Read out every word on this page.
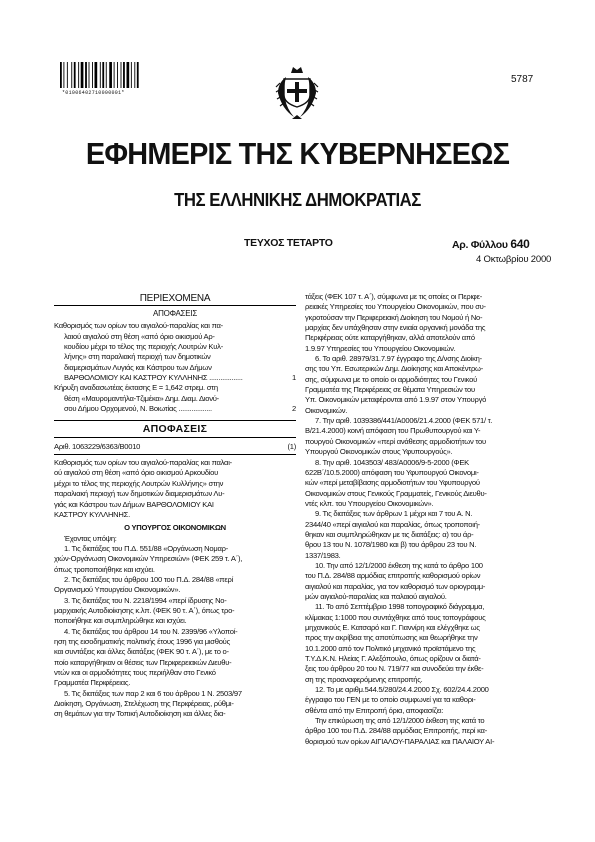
*01006402710000001*
5787
ΕΦΗΜΕΡΙΣ ΤΗΣ ΚΥΒΕΡΝΗΣΕΩΣ
ΤΗΣ ΕΛΛΗΝΙΚΗΣ ΔΗΜΟΚΡΑΤΙΑΣ
ΤΕΥΧΟΣ ΤΕΤΑΡΤΟ	Αρ. Φύλλου 640
4 Οκτωβρίου 2000
ΠΕΡΙΕΧΟΜΕΝΑ
ΑΠΟΦΑΣΕΙΣ
Καθορισμός των ορίων του αιγιαλού-παραλίας και πα-
λαιού αιγιαλού στη θέση «από όριο οικισμού Αρ-
κουδίου μέχρι το τέλος της περιοχής Λουτρών Κυλ-
λήνης» στη παραλιακή περιοχή των δημοτικών
διαμερισμάτων Λυγιάς και Κάστρου των Δήμων
ΒΑΡΘΟΛΟΜΙΟΥ ΚΑΙ ΚΑΣΤΡΟΥ ΚΥΛΛΗΝΗΣ ..................	1
Κήρυξη αναδασωτέας έκτασης Ε = 1,642 στρεμ. στη
θέση «Μαυρομαντήλα-Τζιμέκα» Δημ. Διαμ. Διονύ-
σου Δήμου Ορχομενού, Ν. Βοιωτίας ..................	2
ΑΠΟΦΑΣΕΙΣ
Αριθ. 1063229/6363/Β0010	(1)
Καθορισμός των ορίων του αιγιαλού-παραλίας και παλαι-
ού αιγιαλού στη θέση «από όριο οικισμού Αρκουδίου
μέχρι το τέλος της περιοχής Λουτρών Κυλλήνης» στην
παραλιακή περιοχή των δημοτικών διαμερισμάτων Λυ-
γιάς και Κάστρου των Δήμων ΒΑΡΘΟΛΟΜΙΟΥ ΚΑΙ
ΚΑΣΤΡΟΥ ΚΥΛΛΗΝΗΣ.
Ο ΥΠΟΥΡΓΟΣ ΟΙΚΟΝΟΜΙΚΩΝ

Έχοντας υπόψη:

1. Τις διατάξεις του Π.Δ. 551/88 «Οργάνωση Νομαρ-
χιών-Οργάνωση Οικονομικών Υπηρεσιών» (ΦΕΚ 259 τ. Α΄),
όπως τροποποιήθηκε και ισχύει.
2. Τις διατάξεις του άρθρου 100 του Π.Δ. 284/88 «περί
Οργανισμού Υπουργείου Οικονομικών».
3. Τις διατάξεις του Ν. 2218/1994 «περί ίδρυσης Νο-
μαρχιακής Αυτοδιοίκησης κ.λπ. (ΦΕΚ 90 τ. Α΄), όπως τρο-
ποποιήθηκε και συμπληρώθηκε και ισχύει.
4. Τις διατάξεις του άρθρου 14 του Ν. 2399/96 «Υλοποί-
ηση της εισοδηματικής πολιτικής έτους 1996 για μισθούς
και συντάξεις και άλλες διατάξεις (ΦΕΚ 90 τ. Α΄), με το ο-
ποίο καταργήθηκαν οι θέσεις των Περιφερειακών Διευθυ-
ντών και οι αρμοδιότητες τους περιήλθαν στο Γενικό
Γραμματέα Περιφέρειας.
5. Τις διατάξεις των παρ 2 και 6 του άρθρου 1 Ν. 2503/97
Διοίκηση, Οργάνωση, Στελέχωση της Περιφέρειας, ρύθμι-
ση θεμάτων για την Τοπική Αυτοδιοίκηση και άλλες δια-
τάξεις (ΦΕΚ 107 τ. Α΄), σύμφωνα με τις οποίες οι Περιφε-
ρειακές Υπηρεσίες του Υπουργείου Οικονομικών, που συ-
γκροτούσαν την Περιφερειακή Διοίκηση του Νομού ή Νο-
μαρχίας δεν υπάχθησαν στην ενιαία οργανική μονάδα της
Περιφέρειας ούτε καταργήθηκαν, αλλά αποτελούν από
1.9.97 Υπηρεσίες του Υπουργείου Οικονομικών.
6. Το αριθ. 28979/31.7.97 έγγραφο της Δ/νσης Διοίκη-
σης του Υπ. Εσωτερικών Δημ. Διοίκησης και Αποκέντρω-
σης, σύμφωνα με το οποίο οι αρμοδιότητες του Γενικού
Γραμματέα της Περιφέρειας σε θέματα Υπηρεσιών του
Υπ. Οικονομικών μεταφέρονται από 1.9.97 στον Υπουργό
Οικονομικών.
7. Την αριθ. 1039386/441/Α0006/21.4.2000 (ΦΕΚ 571/ τ.
Β/21.4.2000) κοινή απόφαση του Πρωθυπουργού και Υ-
πουργού Οικονομικών «περί ανάθεσης αρμοδιοτήτων του
Υπουργού Οικονομικών στους Υφυπουργούς».
8. Την αριθ. 1043503/ 483/Α0006/9-5-2000 (ΦΕΚ
622Β΄/10.5.2000) απόφαση του Υφυπουργού Οικονομι-
κών «περί μεταβίβασης αρμοδιοτήτων του Υφυπουργού
Οικονομικών στους Γενικούς Γραμματείς, Γενικούς Διευθυ-
ντές κλπ. του Υπουργείου Οικονομικών».
9. Τις διατάξεις των άρθρων 1 μέχρι και 7 του Α. Ν.
2344/40 «περί αιγιαλού και παραλίας, όπως τροποποιή-
θηκαν και συμπληρώθηκαν με τις διατάξεις: α) του άρ-
θρου 13 του Ν. 1078/1980 και β) του άρθρου 23 του Ν.
1337/1983.
10. Την από 12/1/2000 έκθεση της κατά το άρθρο 100
του Π.Δ. 284/88 αρμόδιας επιτροπής καθορισμού ορίων
αιγιαλού και παραλίας, για τον καθορισμό των οριογραμμ-
μών αιγιαλού-παραλίας και παλαιού αιγιαλού.
11. Το από Σεπτέμβριο 1998 τοπογραφικό διάγραμμα,
κλίμακας 1:1000 που συντάχθηκε από τους τοπογράφους
μηχανικούς Ε. Κατσαρό και Γ. Γιαννίρη και ελέγχθηκε ως
προς την ακρίβεια της αποτύπωσης και θεωρήθηκε την
10.1.2000 από τον Πολιτικό μηχανικό προϊστάμενο της
Τ.Υ.Δ.Κ.Ν. Ηλείας Γ. Αλεξόπουλο, όπως ορίζουν οι διατά-
ξεις του άρθρου 20 του Ν. 719/77 και συνοδεύει την έκθε-
ση της προαναφερόμενης επιτροπής.
12. Το με αριθμ.544.5/280/24.4.2000 Σχ. 602/24.4.2000
έγγραφο του ΓΕΝ με το οποίο συμφωνεί για τα καθορι-
σθέντα από την Επιτροπή όρια, αποφασίζει:
Την επικύρωση της από 12/1/2000 έκθεση της κατά το
άρθρο 100 του Π.Δ. 284/88 αρμόδιας Επιτροπής, περί κα-
θορισμού των ορίων ΑΙΓΙΑΛΟΥ-ΠΑΡΑΛΙΑΣ και ΠΑΛΑΙΟΥ ΑΙ-
